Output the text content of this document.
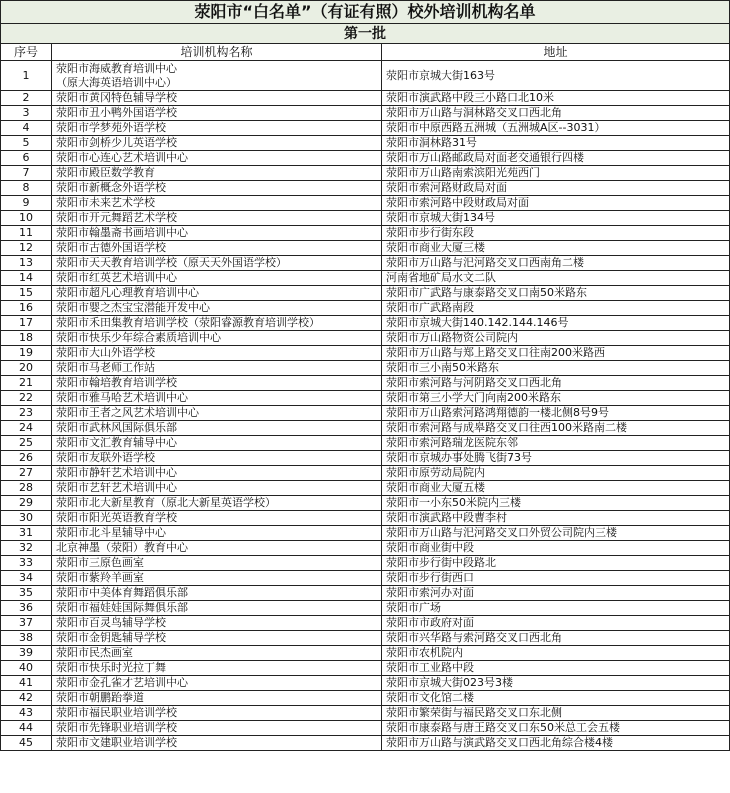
荥阳市“白名单”（有证有照）校外培训机构名单		
第一批		
序号	培训机构名称	地址
1	荥阳市海威教育培训中心
（原大海英语培训中心）	荥阳市京城大街163号
2	荥阳市黄冈特色辅导学校	荥阳市演武路中段三小路口北10米
3	荥阳市丑小鸭外国语学校	荥阳市万山路与洞林路交叉口西北角
4	荥阳市学梦苑外语学校	荥阳市中原西路五洲城（五洲城A区--3031）
5	荥阳市剑桥少儿英语学校	荥阳市洞林路31号
6	荥阳市心连心艺术培训中心	荥阳市万山路邮政局对面老交通银行四楼
7	荥阳市殿臣数学教育	荥阳市万山路南索滨阳光苑西门
8	荥阳市新概念外语学校	荥阳市索河路财政局对面
9	荥阳市未来艺术学校	荥阳市索河路中段财政局对面
10	荥阳市开元舞蹈艺术学校	荥阳市京城大街134号
11	荥阳市翰墨斋书画培训中心	荥阳市步行街东段
12	荥阳市古德外国语学校	荥阳市商业大厦三楼
13	荥阳市天天教育培训学校（原天天外国语学校）	荥阳市万山路与汜河路交叉口西南角二楼
14	荥阳市红英艺术培训中心	河南省地矿局水文二队
15	荥阳市超凡心理教育培训中心	荥阳市广武路与康泰路交叉口南50米路东
16	荥阳市婴之杰宝宝潜能开发中心	荥阳市广武路南段
17	荥阳市禾田集教育培训学校（荥阳睿源教育培训学校）	荥阳市京城大街140.142.144.146号
18	荥阳市快乐少年综合素质培训中心	荥阳市万山路物资公司院内
19	荥阳市大山外语学校	荥阳市万山路与郑上路交叉口往南200米路西
20	荥阳市马老师工作站	荥阳市三小南50米路东
21	荥阳市翰培教育培训学校	荥阳市索河路与河阴路交叉口西北角
22	荥阳市雅马哈艺术培训中心	荥阳市第三小学大门向南200米路东
23	荥阳市王者之风艺术培训中心	荥阳市万山路索河路鸿翔德韵一楼北侧8号9号
24	荥阳市武林风国际俱乐部	荥阳市索河路与成皋路交叉口往西100米路南二楼
25	荥阳市文汇教育辅导中心	荥阳市索河路瑞龙医院东邻
26	荥阳市友联外语学校	荥阳市京城办事处腾飞街73号
27	荥阳市静轩艺术培训中心	荥阳市原劳动局院内
28	荥阳市艺轩艺术培训中心	荥阳市商业大厦五楼
29	荥阳市北大新星教育（原北大新星英语学校）	荥阳市一小东50米院内三楼
30	荥阳市阳光英语教育学校	荥阳市演武路中段曹李村
31	荥阳市北斗星辅导中心	荥阳市万山路与汜河路交叉口外贸公司院内三楼
32	北京神墨（荥阳）教育中心	荥阳市商业街中段
33	荥阳市三原色画室	荥阳市步行街中段路北
34	荥阳市紫羚羊画室	荥阳市步行街西口
35	荥阳市中美体育舞蹈俱乐部	荥阳市索河办对面
36	荥阳市福娃娃国际舞俱乐部	荥阳市广场
37	荥阳市百灵鸟辅导学校	荥阳市市政府对面
38	荥阳市金钥匙辅导学校	荥阳市兴华路与索河路交叉口西北角
39	荥阳市民杰画室	荥阳市农机院内
40	荥阳市快乐时光拉丁舞	荥阳市工业路中段
41	荥阳市金孔雀才艺培训中心	荥阳市京城大街023号3楼
42	荥阳市朝鹏跆拳道	荥阳市文化馆二楼
43	荥阳市福民职业培训学校	荥阳市繁荣街与福民路交叉口东北侧
44	荥阳市先锋职业培训学校	荥阳市康泰路与唐王路交叉口东50米总工会五楼
45	荥阳市文建职业培训学校	荥阳市万山路与演武路交叉口西北角综合楼4楼
